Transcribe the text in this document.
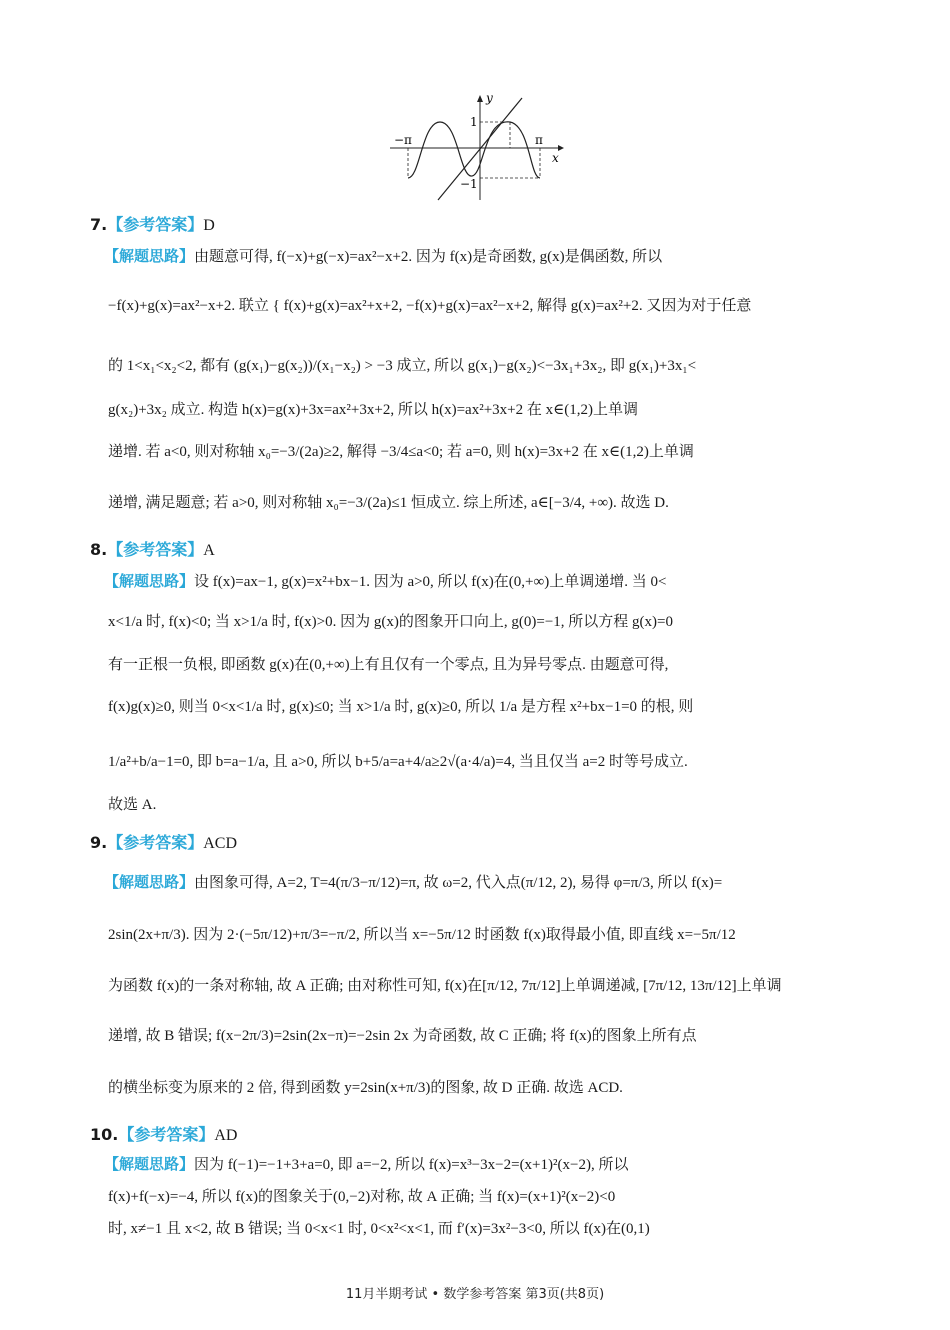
y
x
−π	π
1
−1
7.【参考答案】D
【解题思路】由题意可得, f(−x)+g(−x)=ax²−x+2. 因为 f(x)是奇函数, g(x)是偶函数, 所以
−f(x)+g(x)=ax²−x+2. 联立 { f(x)+g(x)=ax²+x+2, −f(x)+g(x)=ax²−x+2, 解得 g(x)=ax²+2. 又因为对于任意
的 1<x₁<x₂<2, 都有 (g(x₁)−g(x₂))/(x₁−x₂) > −3 成立, 所以 g(x₁)−g(x₂)<−3x₁+3x₂, 即 g(x₁)+3x₁<
g(x₂)+3x₂ 成立. 构造 h(x)=g(x)+3x=ax²+3x+2, 所以 h(x)=ax²+3x+2 在 x∈(1,2)上单调
递增. 若 a<0, 则对称轴 x₀=−3/(2a)≥2, 解得 −3/4≤a<0; 若 a=0, 则 h(x)=3x+2 在 x∈(1,2)上单调
递增, 满足题意; 若 a>0, 则对称轴 x₀=−3/(2a)≤1 恒成立. 综上所述, a∈[−3/4, +∞). 故选 D.
8.【参考答案】A
【解题思路】设 f(x)=ax−1, g(x)=x²+bx−1. 因为 a>0, 所以 f(x)在(0,+∞)上单调递增. 当 0<
x<1/a 时, f(x)<0; 当 x>1/a 时, f(x)>0. 因为 g(x)的图象开口向上, g(0)=−1, 所以方程 g(x)=0
有一正根一负根, 即函数 g(x)在(0,+∞)上有且仅有一个零点, 且为异号零点. 由题意可得,
f(x)g(x)≥0, 则当 0<x<1/a 时, g(x)≤0; 当 x>1/a 时, g(x)≥0, 所以 1/a 是方程 x²+bx−1=0 的根, 则
1/a²+b/a−1=0, 即 b=a−1/a, 且 a>0, 所以 b+5/a=a+4/a≥2√(a·4/a)=4, 当且仅当 a=2 时等号成立.
故选 A.
9.【参考答案】ACD
【解题思路】由图象可得, A=2, T=4(π/3−π/12)=π, 故 ω=2, 代入点(π/12, 2), 易得 φ=π/3, 所以 f(x)=
2sin(2x+π/3). 因为 2·(−5π/12)+π/3=−π/2, 所以当 x=−5π/12 时函数 f(x)取得最小值, 即直线 x=−5π/12
为函数 f(x)的一条对称轴, 故 A 正确; 由对称性可知, f(x)在[π/12, 7π/12]上单调递减, [7π/12, 13π/12]上单调
递增, 故 B 错误; f(x−2π/3)=2sin(2x−π)=−2sin 2x 为奇函数, 故 C 正确; 将 f(x)的图象上所有点
的横坐标变为原来的 2 倍, 得到函数 y=2sin(x+π/3)的图象, 故 D 正确. 故选 ACD.
10.【参考答案】AD
【解题思路】因为 f(−1)=−1+3+a=0, 即 a=−2, 所以 f(x)=x³−3x−2=(x+1)²(x−2), 所以
f(x)+f(−x)=−4, 所以 f(x)的图象关于(0,−2)对称, 故 A 正确; 当 f(x)=(x+1)²(x−2)<0
时, x≠−1 且 x<2, 故 B 错误; 当 0<x<1 时, 0<x²<x<1, 而 f′(x)=3x²−3<0, 所以 f(x)在(0,1)
11月半期考试 • 数学参考答案 第3页(共8页)
